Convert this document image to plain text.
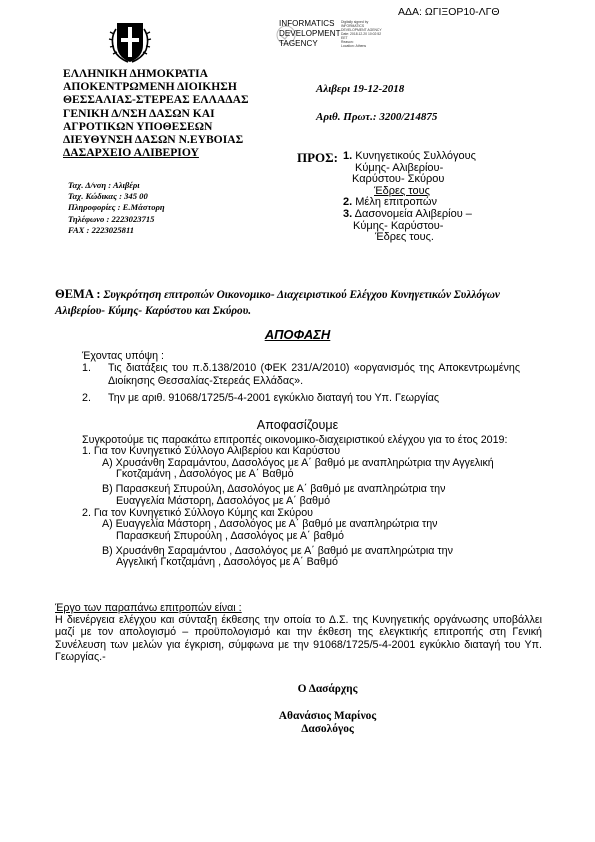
ΑΔΑ: ΩΓΙΞΟΡ10-ΛΓΘ
INFORMATICS
DEVELOPMENT
TAGENCY
Digitally signed by
INFORMATICS
DEVELOPMENT AGENCY
Date: 2018.12.20 10:02:52
EET
Reason:
Location: Athens
ΕΛΛΗΝΙΚΗ ΔΗΜΟΚΡΑΤΙΑ
ΑΠΟΚΕΝΤΡΩΜΕΝΗ ΔΙΟΙΚΗΣΗ
ΘΕΣΣΑΛΙΑΣ-ΣΤΕΡΕΑΣ ΕΛΛΑΔΑΣ
ΓΕΝΙΚΗ Δ/ΝΣΗ ΔΑΣΩΝ ΚΑΙ
ΑΓΡΟΤΙΚΩΝ ΥΠΟΘΕΣΕΩΝ
ΔΙΕΥΘΥΝΣΗ ΔΑΣΩΝ Ν.ΕΥΒΟΙΑΣ
ΔΑΣΑΡΧΕΙΟ ΑΛΙΒΕΡΙΟΥ
Αλιβερι 19-12-2018
Αριθ. Πρωτ.: 3200/214875
Ταχ. Δ/νση : Αλιβέρι
Ταχ. Κώδικας : 345 00
Πληροφορίες : Ε.Μάστορη
Τηλέφωνο : 2223023715
FAX : 2223025811
ΠΡΟΣ: 1. Κυνηγετικούς Συλλόγους
Κύμης- Αλιβερίου-
Καρύστου- Σκύρου
Έδρες τους
2. Μέλη επιτροπών
3. Δασονομεία Αλιβερίου –
Κύμης- Καρύστου-
Έδρες τους.
ΘΕΜΑ : Συγκρότηση επιτροπών Οικονομικο- Διαχειριστικού Ελέγχου Κυνηγετικών Συλλόγων Αλιβερίου- Κύμης- Καρύστου και Σκύρου.
ΑΠΟΦΑΣΗ
Έχοντας υπόψη :
1. Τις διατάξεις του π.δ.138/2010 (ΦΕΚ 231/Α/2010) «οργανισμός της Αποκεντρωμένης Διοίκησης Θεσσαλίας-Στερεάς Ελλάδας».
2. Την με αριθ. 91068/1725/5-4-2001 εγκύκλιο διαταγή του Υπ. Γεωργίας
Αποφασίζουμε
Συγκροτούμε τις παρακάτω επιτροπές οικονομικο-διαχειριστικού ελέγχου για το έτος 2019:
1. Για τον Κυνηγετικό Σύλλογο Αλιβερίου και Καρύστου
A) Χρυσάνθη Σαραμάντου, Δασολόγος με Α΄ βαθμό με αναπληρώτρια την Αγγελική
Γκοτζαμάνη , Δασολόγος με Α΄ Βαθμό
B) Παρασκευή Σπυρούλη, Δασολόγος με Α΄ βαθμό με αναπληρώτρια την
Ευαγγελία Μάστορη, Δασολόγος με Α΄ βαθμό
2. Για τον Κυνηγετικό Σύλλογο Κύμης και Σκύρου
A) Ευαγγελία Μάστορη , Δασολόγος με Α΄ βαθμό με αναπληρώτρια την
Παρασκευή Σπυρούλη , Δασολόγος με Α΄ βαθμό
B) Χρυσάνθη Σαραμάντου , Δασολόγος με Α΄ βαθμό με αναπληρώτρια την
Αγγελική Γκοτζαμάνη , Δασολόγος με Α΄ Βαθμό
Έργο των παραπάνω επιτροπών είναι :
Η διενέργεια ελέγχου και σύνταξη έκθεσης την οποία το Δ.Σ. της Κυνηγετικής οργάνωσης υποβάλλει μαζί με τον απολογισμό – προϋπολογισμό και την έκθεση της ελεγκτικής επιτροπής στη Γενική Συνέλευση των μελών για έγκριση, σύμφωνα με την 91068/1725/5-4-2001 εγκύκλιο διαταγή του Υπ. Γεωργίας.-
Ο Δασάρχης
Αθανάσιος Μαρίνος
Δασολόγος
